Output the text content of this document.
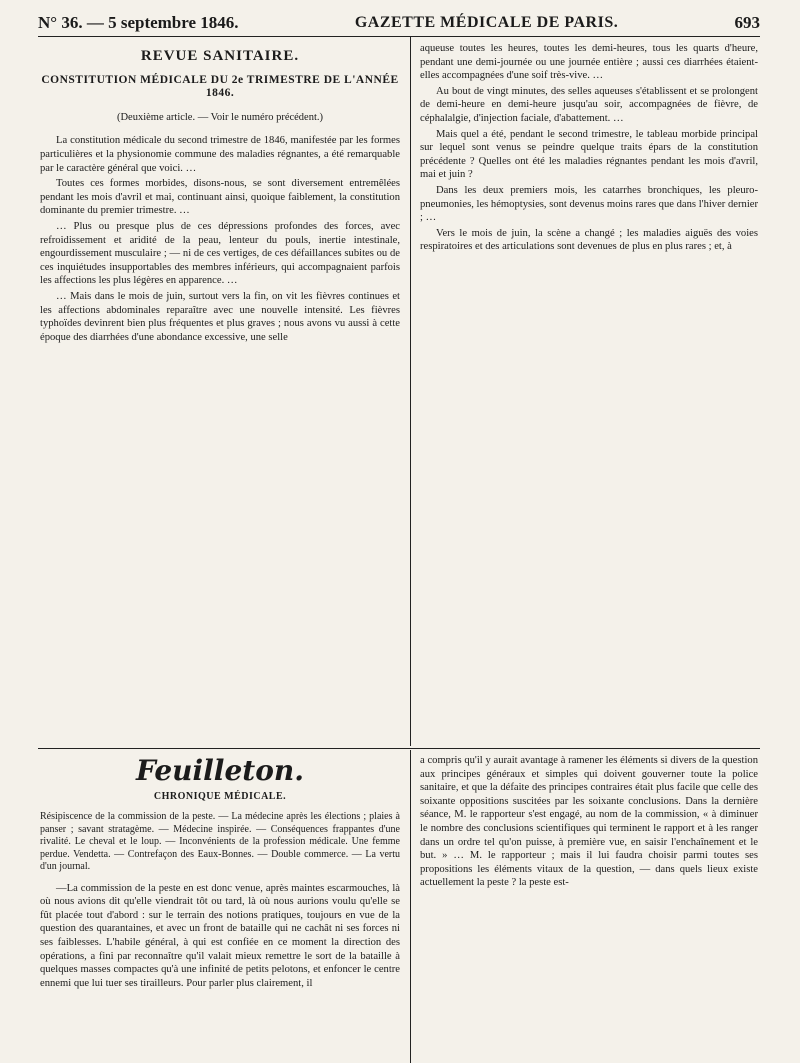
N° 36. — 5 septembre 1846.	GAZETTE MÉDICALE DE PARIS.	693
REVUE SANITAIRE.
CONSTITUTION MÉDICALE DU 2e TRIMESTRE DE L'ANNÉE 1846.
(Deuxième article. — Voir le numéro précédent.)

La constitution médicale du second trimestre de 1846, manifestée par les formes particulières et la physionomie commune des maladies régnantes, a été remarquable par le caractère général que voici. …

Toutes ces formes morbides, disons-nous, se sont diversement entremêlées pendant les mois d'avril et mai, continuant ainsi, quoique faiblement, la constitution dominante du premier trimestre. …

… Plus ou presque plus de ces dépressions profondes des forces, avec refroidissement et aridité de la peau, lenteur du pouls, inertie intestinale, engourdissement musculaire ; — ni de ces vertiges, de ces défaillances subites ou de ces inquiétudes insupportables des membres inférieurs, qui accompagnaient parfois les affections les plus légères en apparence. …

… Mais dans le mois de juin, surtout vers la fin, on vit les fièvres continues et les affections abdominales reparaître avec une nouvelle intensité. Les fièvres typhoïdes devinrent bien plus fréquentes et plus graves ; nous avons vu aussi à cette époque des diarrhées d'une abondance excessive, une selle

aqueuse toutes les heures, toutes les demi-heures, tous les quarts d'heure, pendant une demi-journée ou une journée entière ; aussi ces diarrhées étaient-elles accompagnées d'une soif très-vive. …

Au bout de vingt minutes, des selles aqueuses s'établissent et se prolongent de demi-heure en demi-heure jusqu'au soir, accompagnées de fièvre, de céphalalgie, d'injection faciale, d'abattement. …

Mais quel a été, pendant le second trimestre, le tableau morbide principal sur lequel sont venus se peindre quelque traits épars de la constitution précédente ? Quelles ont été les maladies régnantes pendant les mois d'avril, mai et juin ?

Dans les deux premiers mois, les catarrhes bronchiques, les pleuro-pneumonies, les hémoptysies, sont devenus moins rares que dans l'hiver dernier ; …

Vers le mois de juin, la scène a changé ; les maladies aiguës des voies respiratoires et des articulations sont devenues de plus en plus rares ; et, à

Feuilleton.
CHRONIQUE MÉDICALE.

Résipiscence de la commission de la peste. — La médecine après les élections ; plaies à panser ; savant stratagème. — Médecine inspirée. — Conséquences frappantes d'une rivalité. Le cheval et le loup. — Inconvénients de la profession médicale. Une femme perdue. Vendetta. — Contrefaçon des Eaux-Bonnes. — Double commerce. — La vertu d'un journal.

—La commission de la peste en est donc venue, après maintes escarmouches, là où nous avions dit qu'elle viendrait tôt ou tard, là où nous aurions voulu qu'elle se fût placée tout d'abord : sur le terrain des notions pratiques, toujours en vue de la question des quarantaines, et avec un front de bataille qui ne cachât ni ses forces ni ses faiblesses. L'habile général, à qui est confiée en ce moment la direction des opérations, a fini par reconnaître qu'il valait mieux remettre le sort de la bataille à quelques masses compactes qu'à une infinité de petits pelotons, et enfoncer le centre ennemi que lui tuer ses tirailleurs. Pour parler plus clairement, il

a compris qu'il y aurait avantage à ramener les éléments si divers de la question aux principes généraux et simples qui doivent gouverner toute la police sanitaire, et que la défaite des principes contraires était plus facile que celle des soixante oppositions suscitées par les soixante conclusions. Dans la dernière séance, M. le rapporteur s'est engagé, au nom de la commission, « à diminuer le nombre des conclusions scientifiques qui terminent le rapport et à les ranger dans un ordre tel qu'on puisse, à première vue, en saisir l'enchaînement et le but. » … M. le rapporteur ; mais il lui faudra choisir parmi toutes ses propositions les éléments vitaux de la question, — dans quels lieux existe actuellement la peste ? la peste est-
